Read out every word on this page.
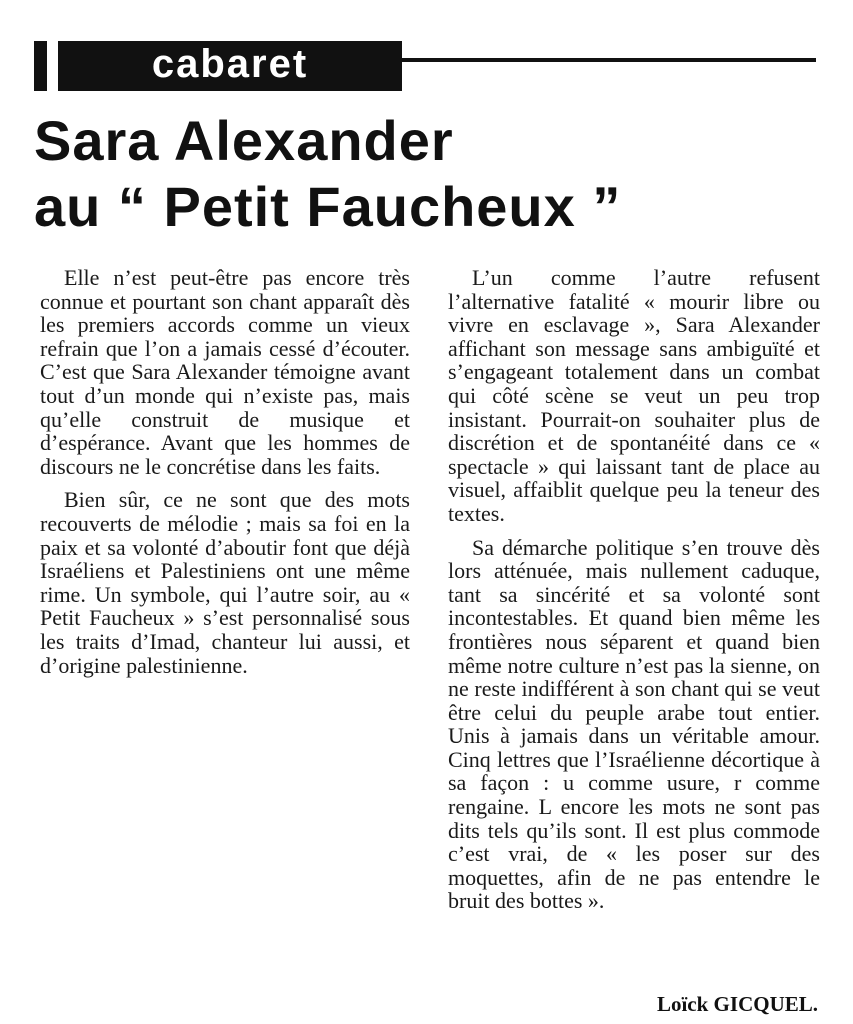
cabaret
Sara Alexander
au “ Petit Faucheux ”

Elle n’est peut-être pas encore très connue et pourtant son chant apparaît dès les premiers accords comme un vieux refrain que l’on a jamais cessé d’écouter. C’est que Sara Alexander témoigne avant tout d’un monde qui n’existe pas, mais qu’elle construit de musique et d’espérance. Avant que les hommes de discours ne le concrétise dans les faits.

Bien sûr, ce ne sont que des mots recouverts de mélodie ; mais sa foi en la paix et sa volonté d’aboutir font que déjà Israéliens et Palestiniens ont une même rime. Un symbole, qui l’autre soir, au « Petit Faucheux » s’est personnalisé sous les traits d’Imad, chanteur lui aussi, et d’origine palestinienne.

L’un comme l’autre refusent l’alternative fatalité « mourir libre ou vivre en esclavage », Sara Alexander affichant son message sans ambiguïté et s’engageant totalement dans un combat qui côté scène se veut un peu trop insistant. Pourrait-on souhaiter plus de discrétion et de spontanéité dans ce « spectacle » qui laissant tant de place au visuel, affaiblit quelque peu la teneur des textes.

Sa démarche politique s’en trouve dès lors atténuée, mais nullement caduque, tant sa sincérité et sa volonté sont incontestables. Et quand bien même les frontières nous séparent et quand bien même notre culture n’est pas la sienne, on ne reste indifférent à son chant qui se veut être celui du peuple arabe tout entier. Unis à jamais dans un véritable amour. Cinq lettres que l’Israélienne décortique à sa façon : u comme usure, r comme rengaine. L encore les mots ne sont pas dits tels qu’ils sont. Il est plus commode c’est vrai, de « les poser sur des moquettes, afin de ne pas entendre le bruit des bottes ».

Loïck GICQUEL.
